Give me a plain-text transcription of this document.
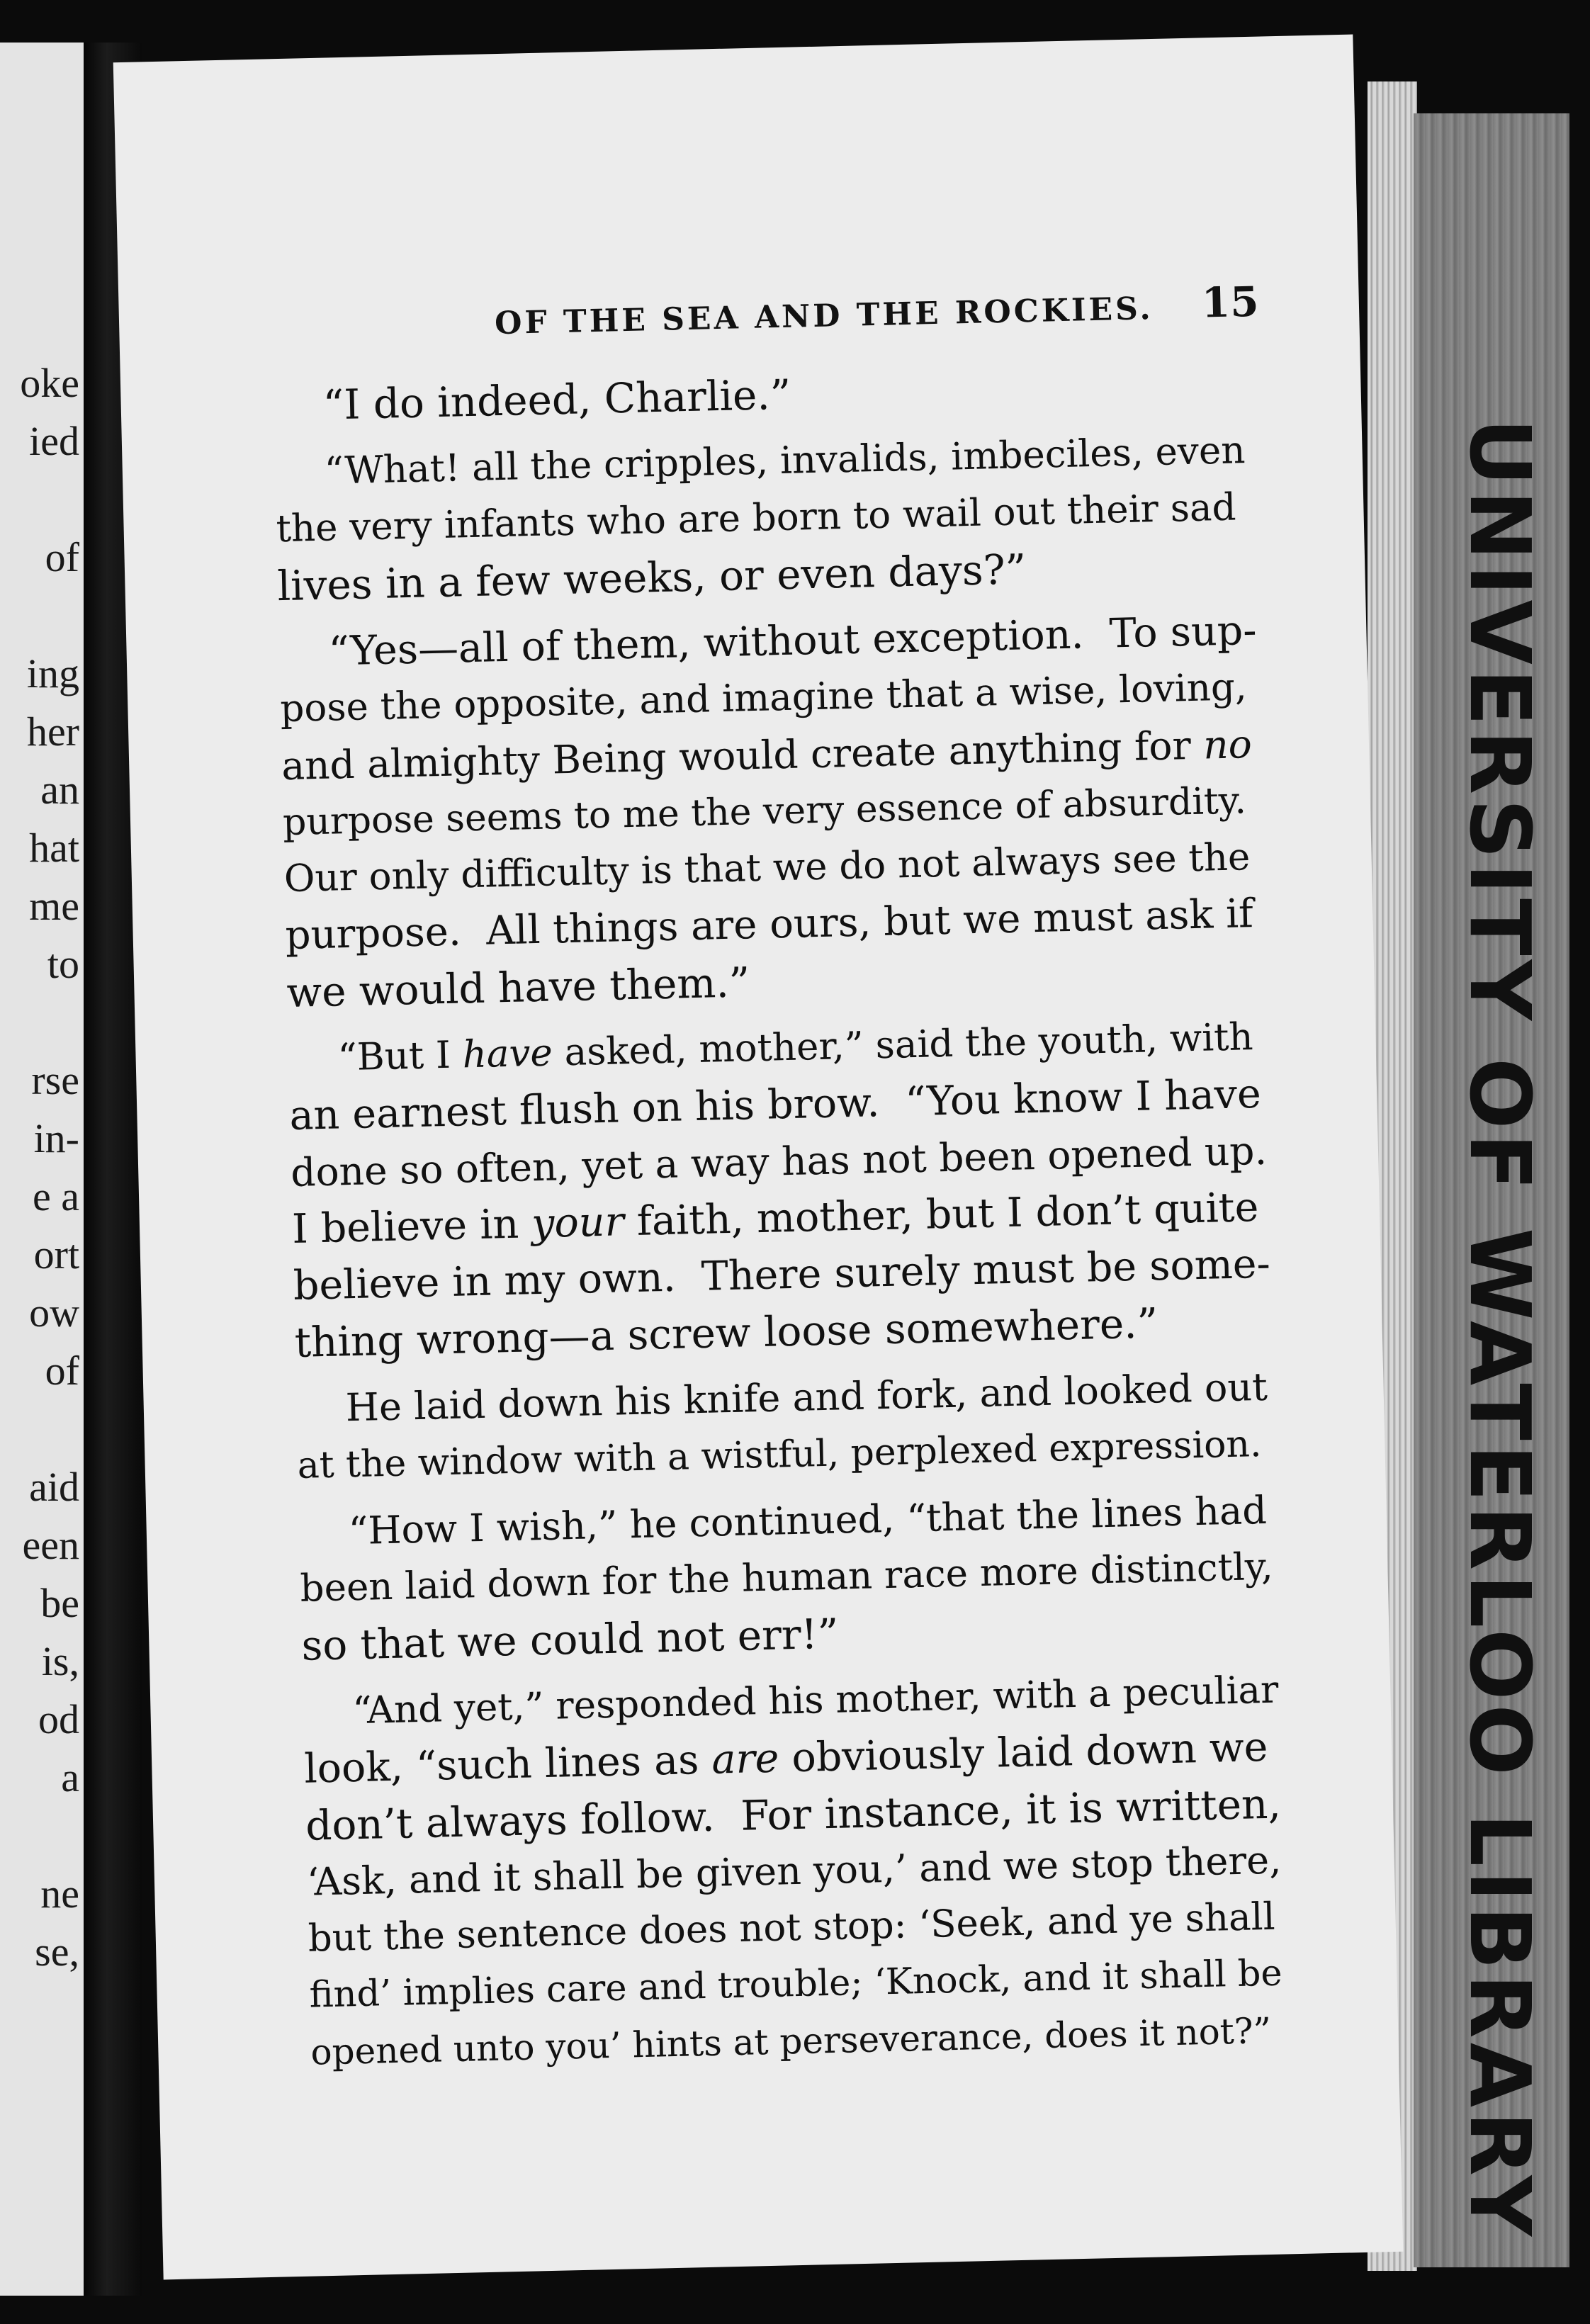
oke
ied
of
ing
her
an
hat
me
to
rse
in-
e a
ort
ow
of
aid
een
be
is,
od
a
ne
se,	UNIVERSITY OF WATERLOO LIBRARY
OF THE SEA AND THE ROCKIES. 15
“I do indeed, Charlie.”
“What! all the cripples, invalids, imbeciles, even
the very infants who are born to wail out their sad
lives in a few weeks, or even days?”
“Yes—all of them, without exception.  To sup-
pose the opposite, and imagine that a wise, loving,
and almighty Being would create anything for no
purpose seems to me the very essence of absurdity.
Our only difficulty is that we do not always see the
purpose.  All things are ours, but we must ask if
we would have them.”
“But I have asked, mother,” said the youth, with
an earnest flush on his brow.  “You know I have
done so often, yet a way has not been opened up.
I believe in your faith, mother, but I don’t quite
believe in my own.  There surely must be some-
thing wrong—a screw loose somewhere.”
He laid down his knife and fork, and looked out
at the window with a wistful, perplexed expression.
“How I wish,” he continued, “that the lines had
been laid down for the human race more distinctly,
so that we could not err!”
“And yet,” responded his mother, with a peculiar
look, “such lines as are obviously laid down we
don’t always follow.  For instance, it is written,
‘Ask, and it shall be given you,’ and we stop there,
but the sentence does not stop: ‘Seek, and ye shall
find’ implies care and trouble; ‘Knock, and it shall be
opened unto you’ hints at perseverance, does it not?”
